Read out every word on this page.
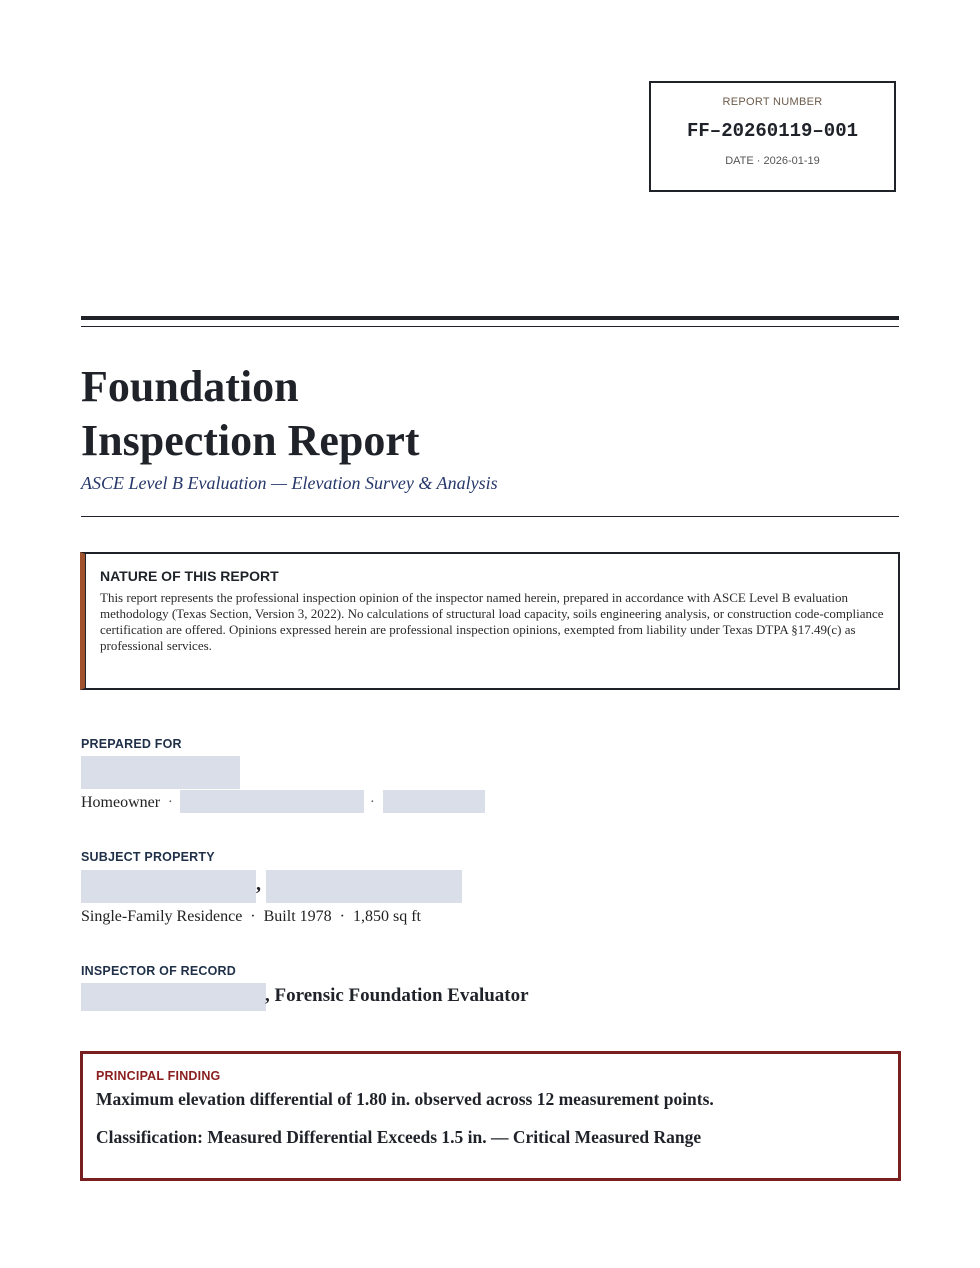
REPORT NUMBER
FF–20260119–001
DATE · 2026-01-19
Foundation
Inspection Report
ASCE Level B Evaluation — Elevation Survey & Analysis

NATURE OF THIS REPORT

This report represents the professional inspection opinion of the inspector named herein, prepared in accordance with ASCE Level B evaluation methodology (Texas Section, Version 3, 2022). No calculations of structural load capacity, soils engineering analysis, or construction code-compliance certification are offered. Opinions expressed herein are professional inspection opinions, exempted from liability under Texas DTPA §17.49(c) as professional services.

PREPARED FOR
Homeowner ·	·
SUBJECT PROPERTY
,
Single-Family Residence  ·  Built 1978  ·  1,850 sq ft
INSPECTOR OF RECORD
, Forensic Foundation Evaluator

PRINCIPAL FINDING

Maximum elevation differential of 1.80 in. observed across 12 measurement points.

Classification: Measured Differential Exceeds 1.5 in. — Critical Measured Range
